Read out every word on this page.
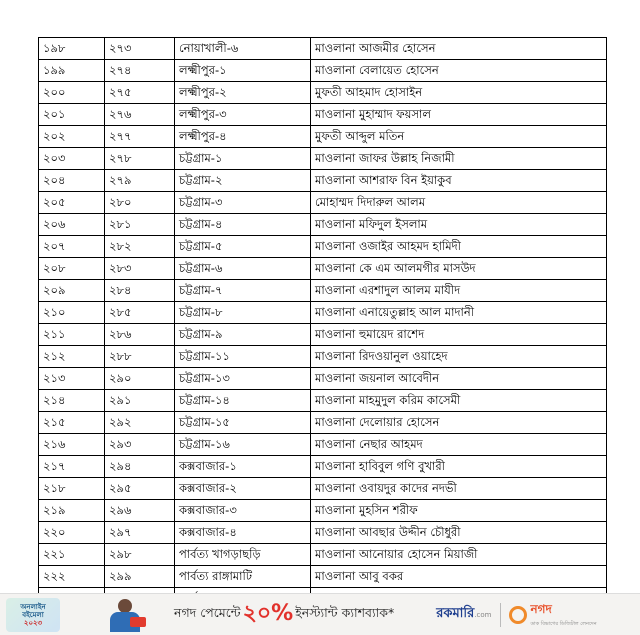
১৯৮	২৭৩	নোয়াখালী-৬	মাওলানা আজমীর হোসেন
১৯৯	২৭৪	লক্ষ্মীপুর-১	মাওলানা বেলায়েত হোসেন
২০০	২৭৫	লক্ষ্মীপুর-২	মুফতী আহমাদ হোসাইন
২০১	২৭৬	লক্ষ্মীপুর-৩	মাওলানা মুহাম্মাদ ফয়সাল
২০২	২৭৭	লক্ষ্মীপুর-৪	মুফতী আব্দুল মতিন
২০৩	২৭৮	চট্টগ্রাম-১	মাওলানা জাফর উল্লাহ নিজামী
২০৪	২৭৯	চট্টগ্রাম-২	মাওলানা আশরাফ বিন ইয়াকুব
২০৫	২৮০	চট্টগ্রাম-৩	মোহাম্মদ দিদারুল আলম
২০৬	২৮১	চট্টগ্রাম-৪	মাওলানা মফিদুল ইসলাম
২০৭	২৮২	চট্টগ্রাম-৫	মাওলানা ওজাইর আহমদ হামিদী
২০৮	২৮৩	চট্টগ্রাম-৬	মাওলানা কে এম আলমগীর মাসউদ
২০৯	২৮৪	চট্টগ্রাম-৭	মাওলানা এরশাদুল আলম মাযীদ
২১০	২৮৫	চট্টগ্রাম-৮	মাওলানা এনায়েতুল্লাহ আল মাদানী
২১১	২৮৬	চট্টগ্রাম-৯	মাওলানা হুমায়েদ রাশেদ
২১২	২৮৮	চট্টগ্রাম-১১	মাওলানা রিদওয়ানুল ওয়াহেদ
২১৩	২৯০	চট্টগ্রাম-১৩	মাওলানা জয়নাল আবেদীন
২১৪	২৯১	চট্টগ্রাম-১৪	মাওলানা মাহমুদুল করিম কাসেমী
২১৫	২৯২	চট্টগ্রাম-১৫	মাওলানা দেলোয়ার হোসেন
২১৬	২৯৩	চট্টগ্রাম-১৬	মাওলানা নেছার আহমদ
২১৭	২৯৪	কক্সবাজার-১	মাওলানা হাবিবুল গণি বুখারী
২১৮	২৯৫	কক্সবাজার-২	মাওলানা ওবায়দুর কাদের নদভী
২১৯	২৯৬	কক্সবাজার-৩	মাওলানা মুহসিন শরীফ
২২০	২৯৭	কক্সবাজার-৪	মাওলানা আবছার উদ্দীন চৌধুরী
২২১	২৯৮	পার্বত্য খাগড়াছড়ি	মাওলানা আনোয়ার হোসেন মিয়াজী
২২২	২৯৯	পার্বত্য রাঙ্গামাটি	মাওলানা আবু বকর

অনলাইন
বইমেলা
২০২৩
নগদ পেমেন্টে ২০% ইনস্ট্যান্ট ক্যাশব্যাক*	রকমারি.com	নগদ
ডাক বিভাগের ডিজিটাল লেনদেন
